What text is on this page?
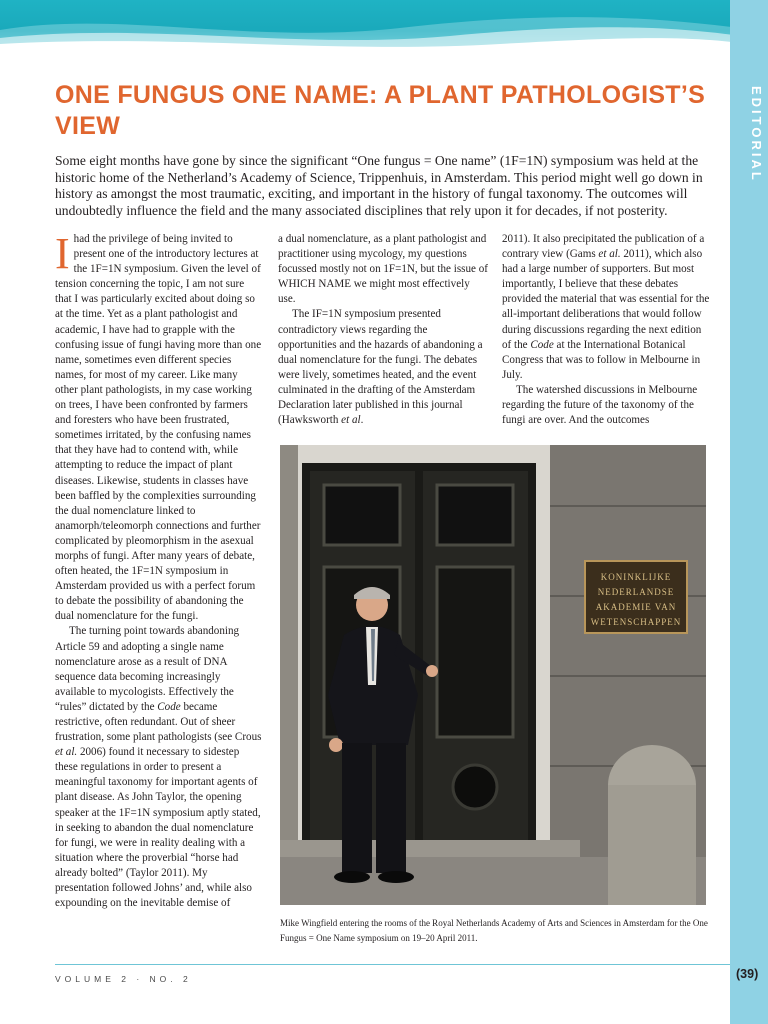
EDITORIAL
ONE FUNGUS ONE NAME: A PLANT PATHOLOGIST’S VIEW

Some eight months have gone by since the significant “One fungus = One name” (1F=1N) symposium was held at the historic home of the Netherland’s Academy of Science, Trippenhuis, in Amsterdam. This period might well go down in history as amongst the most traumatic, exciting, and important in the history of fungal taxonomy. The outcomes will undoubtedly influence the field and the many associated disciplines that rely upon it for decades, if not posterity.

I had the privilege of being invited to present one of the introductory lectures at the 1F=1N symposium. Given the level of tension concerning the topic, I am not sure that I was particularly excited about doing so at the time. Yet as a plant pathologist and academic, I have had to grapple with the confusing issue of fungi having more than one name, sometimes even different species names, for most of my career. Like many other plant pathologists, in my case working on trees, I have been confronted by farmers and foresters who have been frustrated, sometimes irritated, by the confusing names that they have had to contend with, while attempting to reduce the impact of plant diseases. Likewise, students in classes have been baffled by the complexities surrounding the dual nomenclature linked to anamorph/teleomorph connections and further complicated by pleomorphism in the asexual morphs of fungi. After many years of debate, often heated, the 1F=1N symposium in Amsterdam provided us with a perfect forum to debate the possibility of abandoning the dual nomenclature for the fungi.

The turning point towards abandoning Article 59 and adopting a single name nomenclature arose as a result of DNA sequence data becoming increasingly available to mycologists. Effectively the “rules” dictated by the Code became restrictive, often redundant. Out of sheer frustration, some plant pathologists (see Crous et al. 2006) found it necessary to sidestep these regulations in order to present a meaningful taxonomy for important agents of plant disease. As John Taylor, the opening speaker at the 1F=1N symposium aptly stated, in seeking to abandon the dual nomenclature for fungi, we were in reality dealing with a situation where the proverbial “horse had already bolted” (Taylor 2011). My presentation followed Johns’ and, while also expounding on the inevitable demise of

a dual nomenclature, as a plant pathologist and practitioner using mycology, my questions focussed mostly not on 1F=1N, but the issue of WHICH NAME we might most effectively use.

The IF=1N symposium presented contradictory views regarding the opportunities and the hazards of abandoning a dual nomenclature for the fungi. The debates were lively, sometimes heated, and the event culminated in the drafting of the Amsterdam Declaration later published in this journal (Hawksworth et al.

2011). It also precipitated the publication of a contrary view (Gams et al. 2011), which also had a large number of supporters. But most importantly, I believe that these debates provided the material that was essential for the all-important deliberations that would follow during discussions regarding the next edition of the Code at the International Botanical Congress that was to follow in Melbourne in July.

The watershed discussions in Melbourne regarding the future of the taxonomy of the fungi are over. And the outcomes

KONINKLIJKE
NEDERLANDSE
AKADEMIE VAN
WETENSCHAPPEN

Mike Wingfield entering the rooms of the Royal Netherlands Academy of Arts and Sciences in Amsterdam for the One Fungus = One Name symposium on 19–20 April 2011.

VOLUME 2 · NO. 2	(39)
